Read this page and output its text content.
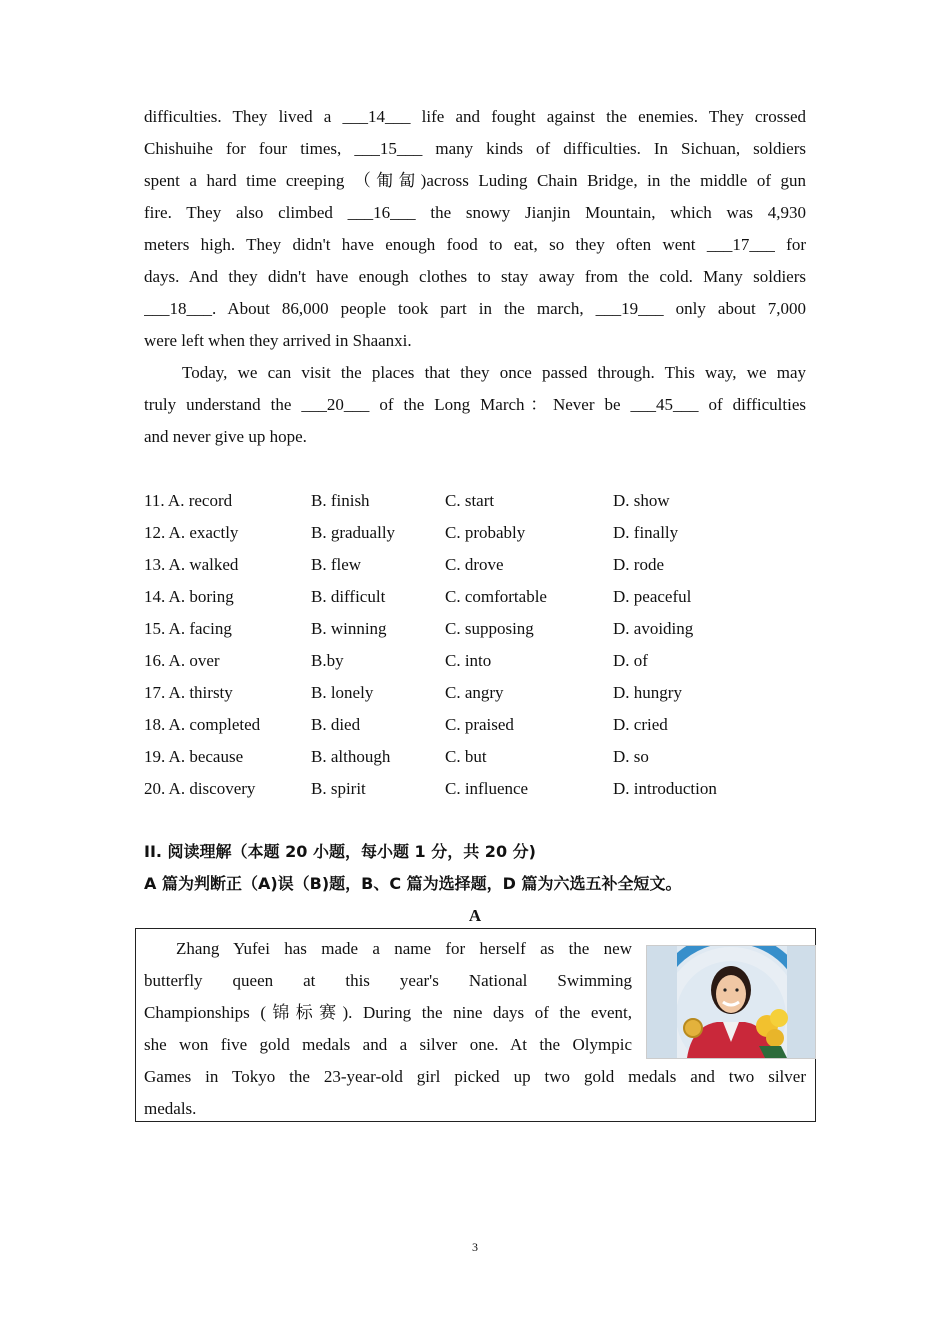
difficulties. They lived a ___14___ life and fought against the enemies. They crossed
Chishuihe for four times, ___15___ many kinds of difficulties. In Sichuan, soldiers
spent a hard time creeping （匍匐)across Luding Chain Bridge, in the middle of gun
fire. They also climbed ___16___ the snowy Jianjin Mountain, which was 4,930
meters high. They didn't have enough food to eat, so they often went ___17___ for
days. And they didn't have enough clothes to stay away from the cold. Many soldiers
___18___. About 86,000 people took part in the march, ___19___ only about 7,000
were left when they arrived in Shaanxi.
Today, we can visit the places that they once passed through. This way, we may
truly understand the ___20___ of the Long March：Never be ___45___ of difficulties
and never give up hope.
11. A. record	B. finish	C. start	D. show
12. A. exactly	B. gradually	C. probably	D. finally
13. A. walked	B. flew	C. drove	D. rode
14. A. boring	B. difficult	C. comfortable	D. peaceful
15. A. facing	B. winning	C. supposing	D. avoiding
16. A. over	B.by	C. into	D. of
17. A. thirsty	B. lonely	C. angry	D. hungry
18. A. completed	B. died	C. praised	D. cried
19. A. because	B. although	C. but	D. so
20. A. discovery	B. spirit	C. influence	D. introduction
II. 阅读理解（本题 20 小题，每小题 1 分，共 20 分)
A 篇为判断正（A)误（B)题，B、C 篇为选择题，D 篇为六选五补全短文。
A
Zhang Yufei has made a name for herself as the new
butterfly queen at this year's National Swimming
Championships (锦标赛). During the nine days of the event,
she won five gold medals and a silver one. At the Olympic
Games in Tokyo the 23-year-old girl picked up two gold medals and two silver
medals.
3
